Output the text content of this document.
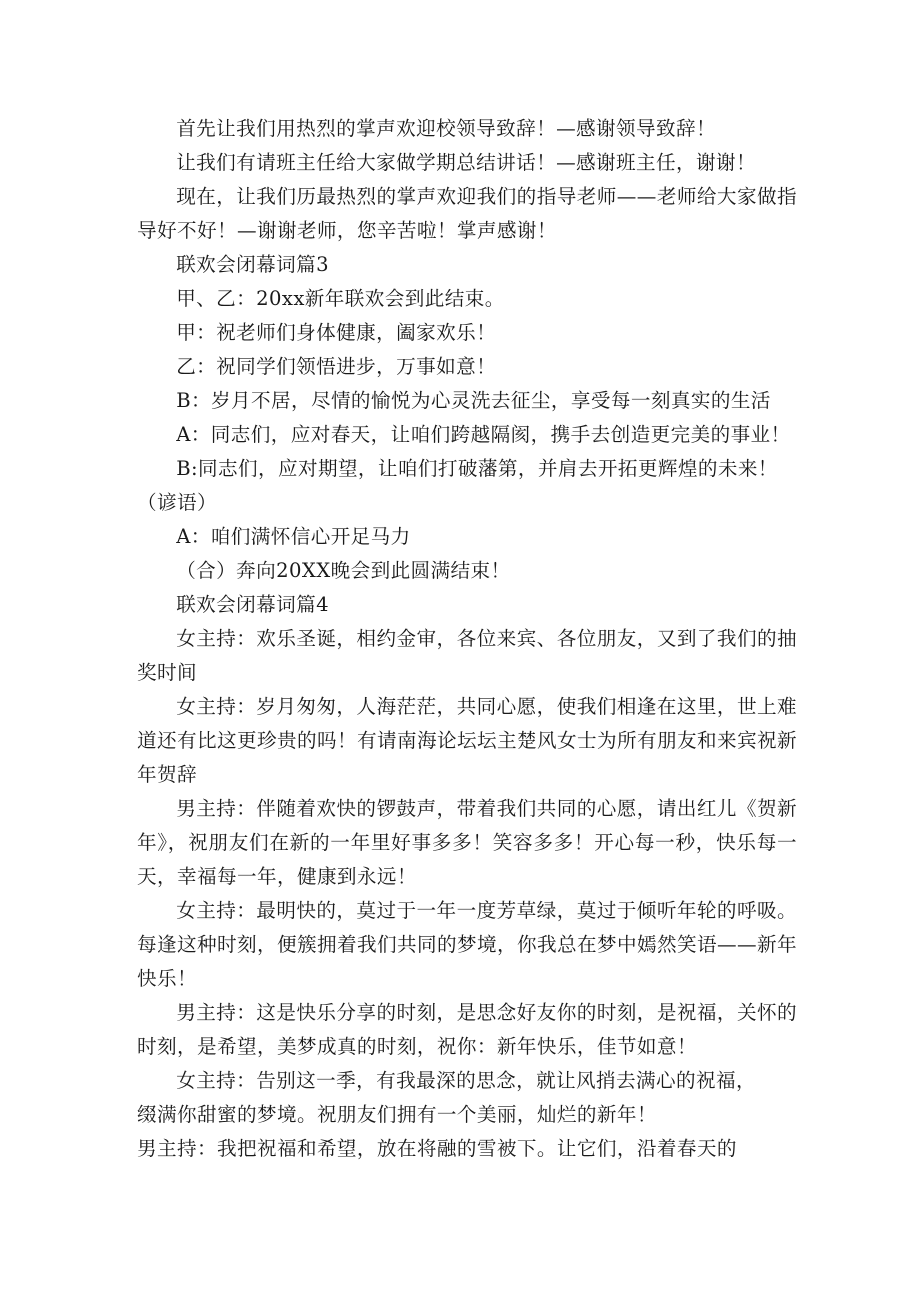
首先让我们用热烈的掌声欢迎校领导致辞！—感谢领导致辞！

让我们有请班主任给大家做学期总结讲话！—感谢班主任，谢谢！

现在，让我们历最热烈的掌声欢迎我们的指导老师——老师给大家做指导好不好！—谢谢老师，您辛苦啦！掌声感谢！

联欢会闭幕词篇3

甲、乙：20xx新年联欢会到此结束。

甲：祝老师们身体健康，阖家欢乐！

乙：祝同学们领悟进步，万事如意！

B：岁月不居，尽情的愉悦为心灵洗去征尘，享受每一刻真实的生活

A：同志们，应对春天，让咱们跨越隔阂，携手去创造更完美的事业！

B:同志们，应对期望，让咱们打破藩第，并肩去开拓更辉煌的未来！

（谚语）

A：咱们满怀信心开足马力

（合）奔向20XX晚会到此圆满结束！

联欢会闭幕词篇4

女主持：欢乐圣诞，相约金审，各位来宾、各位朋友，又到了我们的抽奖时间

女主持：岁月匆匆，人海茫茫，共同心愿，使我们相逢在这里，世上难道还有比这更珍贵的吗！有请南海论坛坛主楚风女士为所有朋友和来宾祝新年贺辞

男主持：伴随着欢快的锣鼓声，带着我们共同的心愿，请出红儿《贺新年》，祝朋友们在新的一年里好事多多！笑容多多！开心每一秒，快乐每一天，幸福每一年，健康到永远！

女主持：最明快的，莫过于一年一度芳草绿，莫过于倾听年轮的呼吸。每逢这种时刻，便簇拥着我们共同的梦境，你我总在梦中嫣然笑语——新年快乐！

男主持：这是快乐分享的时刻，是思念好友你的时刻，是祝福，关怀的时刻，是希望，美梦成真的时刻，祝你：新年快乐，佳节如意！

女主持：告别这一季，有我最深的思念，就让风捎去满心的祝福，

缀满你甜蜜的梦境。祝朋友们拥有一个美丽，灿烂的新年！

男主持：我把祝福和希望，放在将融的雪被下。让它们，沿着春天的
